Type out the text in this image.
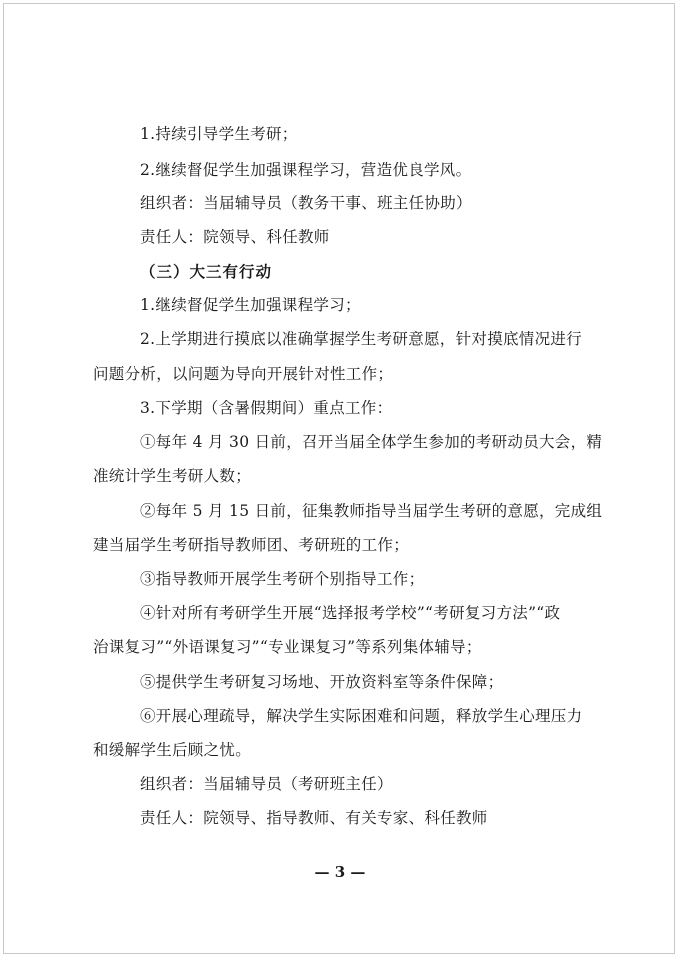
1.持续引导学生考研；
2.继续督促学生加强课程学习，营造优良学风。
组织者：当届辅导员（教务干事、班主任协助）
责任人：院领导、科任教师
（三）大三有行动
1.继续督促学生加强课程学习；
2.上学期进行摸底以准确掌握学生考研意愿，针对摸底情况进行
问题分析，以问题为导向开展针对性工作；
3.下学期（含暑假期间）重点工作：
①每年 4 月 30 日前，召开当届全体学生参加的考研动员大会，精
准统计学生考研人数；
②每年 5 月 15 日前，征集教师指导当届学生考研的意愿，完成组
建当届学生考研指导教师团、考研班的工作；
③指导教师开展学生考研个别指导工作；
④针对所有考研学生开展“选择报考学校”“考研复习方法”“政
治课复习”“外语课复习”“专业课复习”等系列集体辅导；
⑤提供学生考研复习场地、开放资料室等条件保障；
⑥开展心理疏导，解决学生实际困难和问题，释放学生心理压力
和缓解学生后顾之忧。
组织者：当届辅导员（考研班主任）
责任人：院领导、指导教师、有关专家、科任教师
— 3 —
